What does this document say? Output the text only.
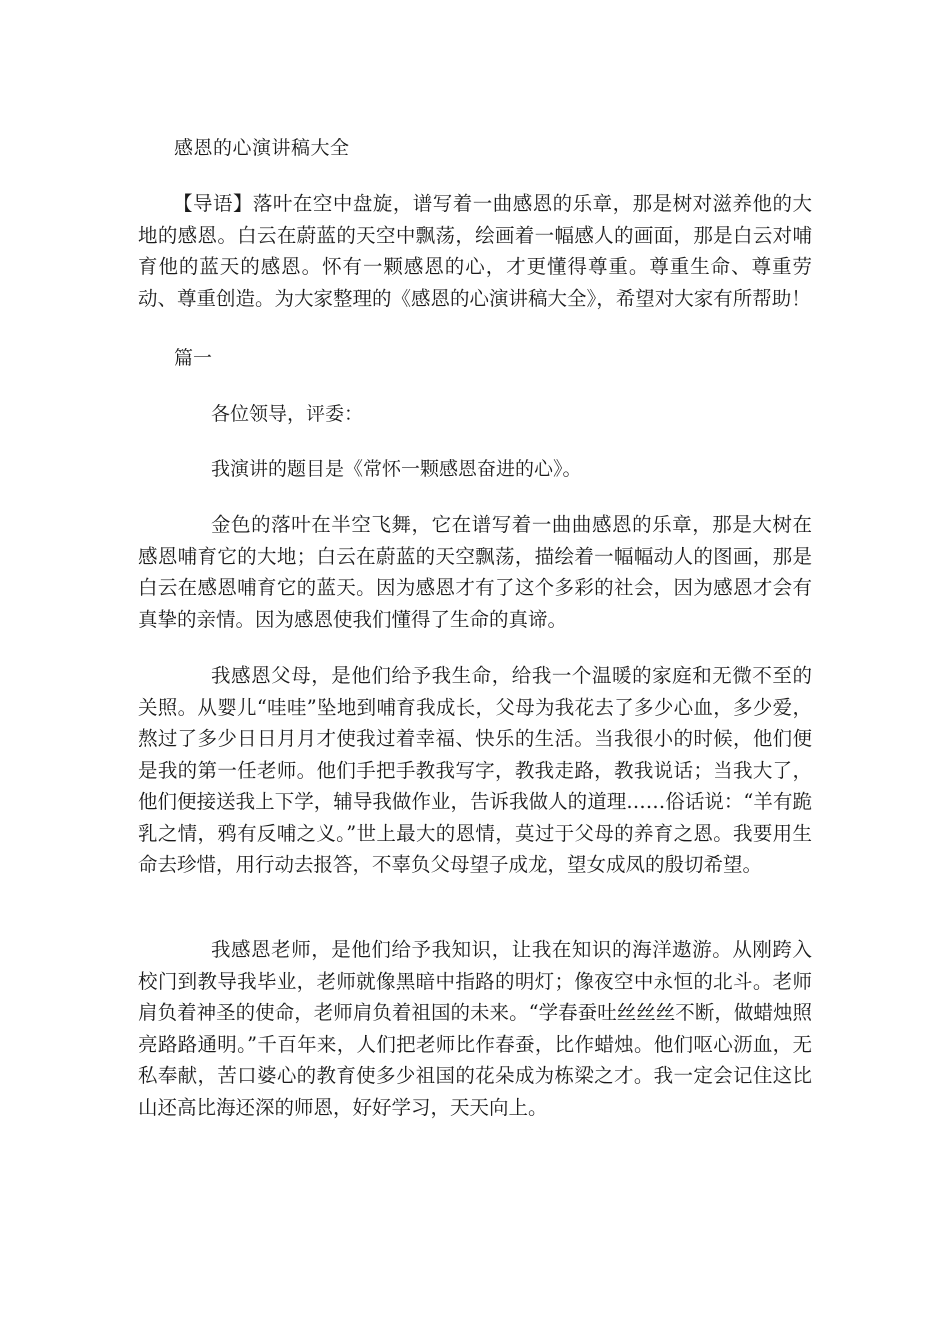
感恩的心演讲稿大全

【导语】落叶在空中盘旋，谱写着一曲感恩的乐章，那是树对滋养他的大地的感恩。白云在蔚蓝的天空中飘荡，绘画着一幅感人的画面，那是白云对哺育他的蓝天的感恩。怀有一颗感恩的心，才更懂得尊重。尊重生命、尊重劳动、尊重创造。为大家整理的《感恩的心演讲稿大全》，希望对大家有所帮助！

篇一

各位领导，评委：

我演讲的题目是《常怀一颗感恩奋进的心》。

金色的落叶在半空飞舞，它在谱写着一曲曲感恩的乐章，那是大树在感恩哺育它的大地；白云在蔚蓝的天空飘荡，描绘着一幅幅动人的图画，那是白云在感恩哺育它的蓝天。因为感恩才有了这个多彩的社会，因为感恩才会有真挚的亲情。因为感恩使我们懂得了生命的真谛。

我感恩父母，是他们给予我生命，给我一个温暖的家庭和无微不至的关照。从婴儿“哇哇”坠地到哺育我成长，父母为我花去了多少心血，多少爱，熬过了多少日日月月才使我过着幸福、快乐的生活。当我很小的时候，他们便是我的第一任老师。他们手把手教我写字，教我走路，教我说话；当我大了，他们便接送我上下学，辅导我做作业，告诉我做人的道理……俗话说：“羊有跪乳之情，鸦有反哺之义。”世上最大的恩情，莫过于父母的养育之恩。我要用生命去珍惜，用行动去报答，不辜负父母望子成龙，望女成凤的殷切希望。

我感恩老师，是他们给予我知识，让我在知识的海洋遨游。从刚跨入校门到教导我毕业，老师就像黑暗中指路的明灯；像夜空中永恒的北斗。老师肩负着神圣的使命，老师肩负着祖国的未来。“学春蚕吐丝丝丝不断，做蜡烛照亮路路通明。”千百年来，人们把老师比作春蚕，比作蜡烛。他们呕心沥血，无私奉献，苦口婆心的教育使多少祖国的花朵成为栋梁之才。我一定会记住这比山还高比海还深的师恩，好好学习，天天向上。
